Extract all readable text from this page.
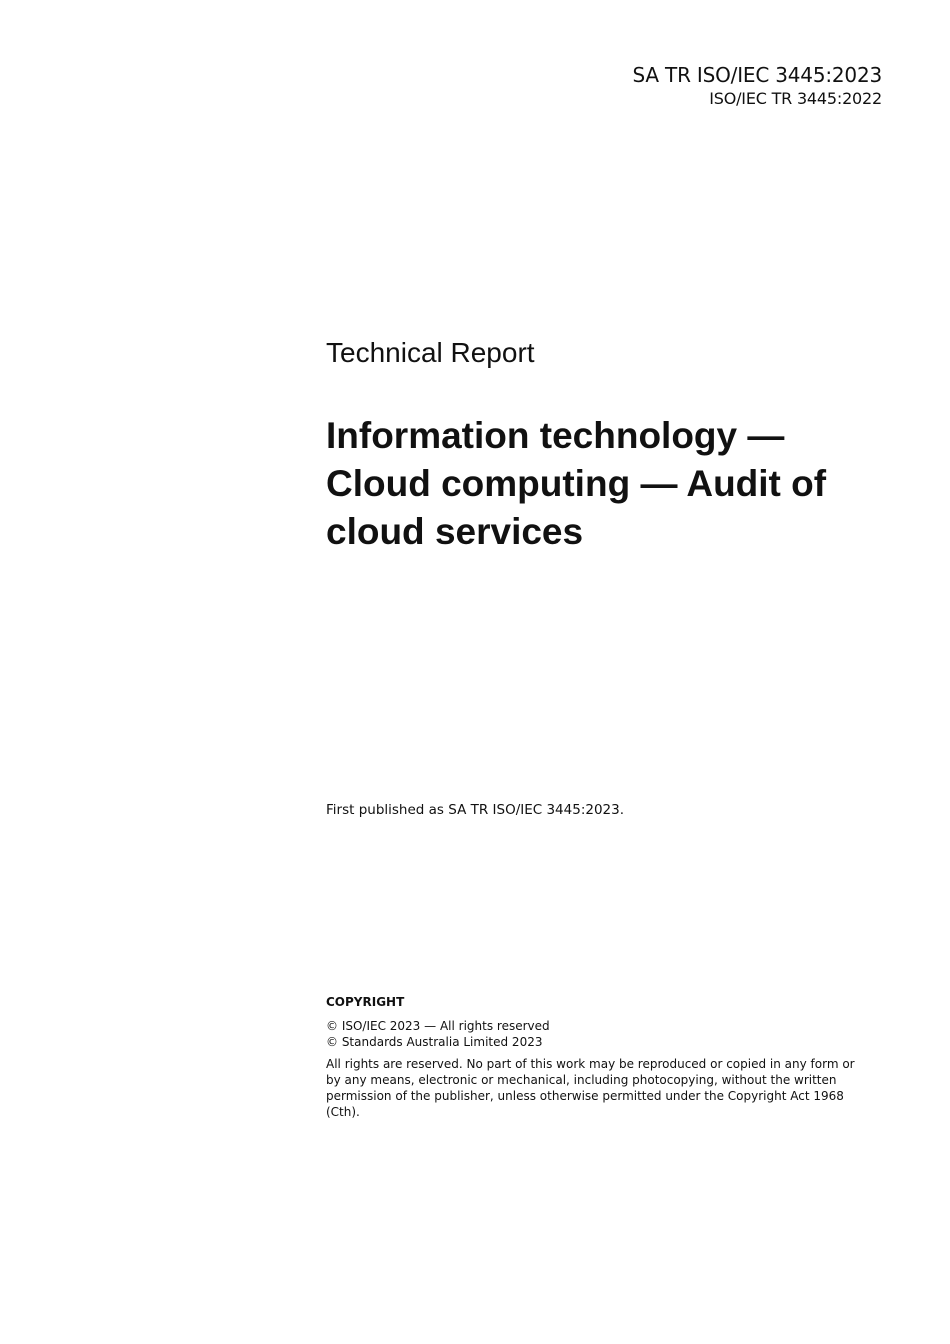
SA TR ISO/IEC 3445:2023
ISO/IEC TR 3445:2022
Technical Report
Information technology —
Cloud computing — Audit of
cloud services
First published as SA TR ISO/IEC 3445:2023.
COPYRIGHT
© ISO/IEC 2023 — All rights reserved
© Standards Australia Limited 2023
All rights are reserved. No part of this work may be reproduced or copied in any form or by any means, electronic or mechanical, including photocopying, without the written permission of the publisher, unless otherwise permitted under the Copyright Act 1968 (Cth).
